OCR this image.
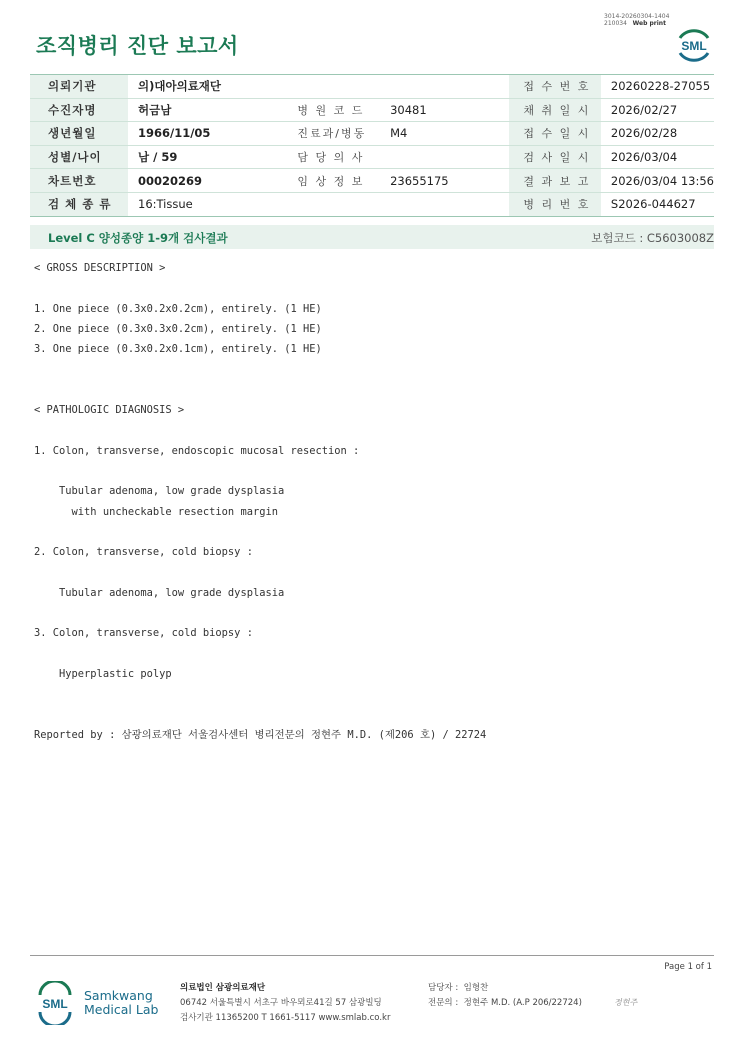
조직병리 진단 보고서
3014-20260304-1404
210034 Web print
SML
의뢰기관	의)대아의료재단			접 수 번 호	20260228-27055
수진자명	허금남	병 원 코 드	30481	채 취 일 시	2026/02/27
생년월일	1966/11/05	진료과/병동	M4	접 수 일 시	2026/02/28
성별/나이	남 / 59	담 당 의 사		검 사 일 시	2026/03/04
차트번호	00020269	임 상 정 보	23655175	결 과 보 고	2026/03/04 13:56
검 체 종 류	16:Tissue			병 리 번 호	S2026-044627
Level C 양성종양 1-9개 검사결과	보험코드 : C5603008Z
< GROSS DESCRIPTION >

1. One piece (0.3x0.2x0.2cm), entirely. (1 HE)
2. One piece (0.3x0.3x0.2cm), entirely. (1 HE)
3. One piece (0.3x0.2x0.1cm), entirely. (1 HE)

< PATHOLOGIC DIAGNOSIS >

1. Colon, transverse, endoscopic mucosal resection :

Tubular adenoma, low grade dysplasia
with uncheckable resection margin

2. Colon, transverse, cold biopsy :

Tubular adenoma, low grade dysplasia

3. Colon, transverse, cold biopsy :

Hyperplastic polyp

Reported by : 삼광의료재단 서울검사센터 병리전문의 정현주 M.D. (제206 호) / 22724
Page 1 of 1
SML
Samkwang
Medical Lab
의료법인 삼광의료재단
06742 서울특별시 서초구 바우뫼로41길 57 삼광빌딩
검사기관 11365200 T 1661-5117 www.smlab.co.kr
담당자 : 임형찬
전문의 : 정현주 M.D. (A.P 206/22724)	정현주
